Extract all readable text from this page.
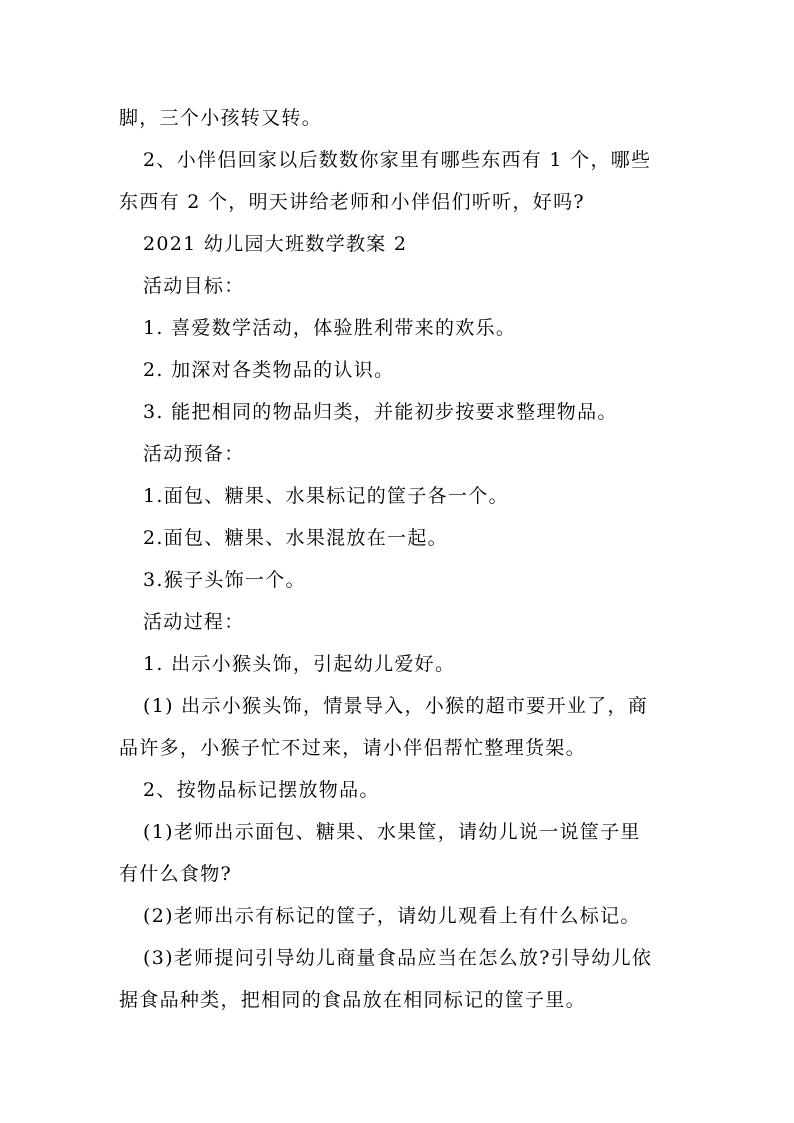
脚，三个小孩转又转。
2、小伴侣回家以后数数你家里有哪些东西有 1 个，哪些
东西有 2 个，明天讲给老师和小伴侣们听听，好吗?
2021 幼儿园大班数学教案 2
活动目标：
1. 喜爱数学活动，体验胜利带来的欢乐。
2. 加深对各类物品的认识。
3. 能把相同的物品归类，并能初步按要求整理物品。
活动预备：
1.面包、糖果、水果标记的筐子各一个。
2.面包、糖果、水果混放在一起。
3.猴子头饰一个。
活动过程：
1. 出示小猴头饰，引起幼儿爱好。
(1) 出示小猴头饰，情景导入，小猴的超市要开业了，商
品许多，小猴子忙不过来，请小伴侣帮忙整理货架。
2、按物品标记摆放物品。
(1)老师出示面包、糖果、水果筐，请幼儿说一说筐子里
有什么食物?
(2)老师出示有标记的筐子，请幼儿观看上有什么标记。
(3)老师提问引导幼儿商量食品应当在怎么放?引导幼儿依
据食品种类，把相同的食品放在相同标记的筐子里。
